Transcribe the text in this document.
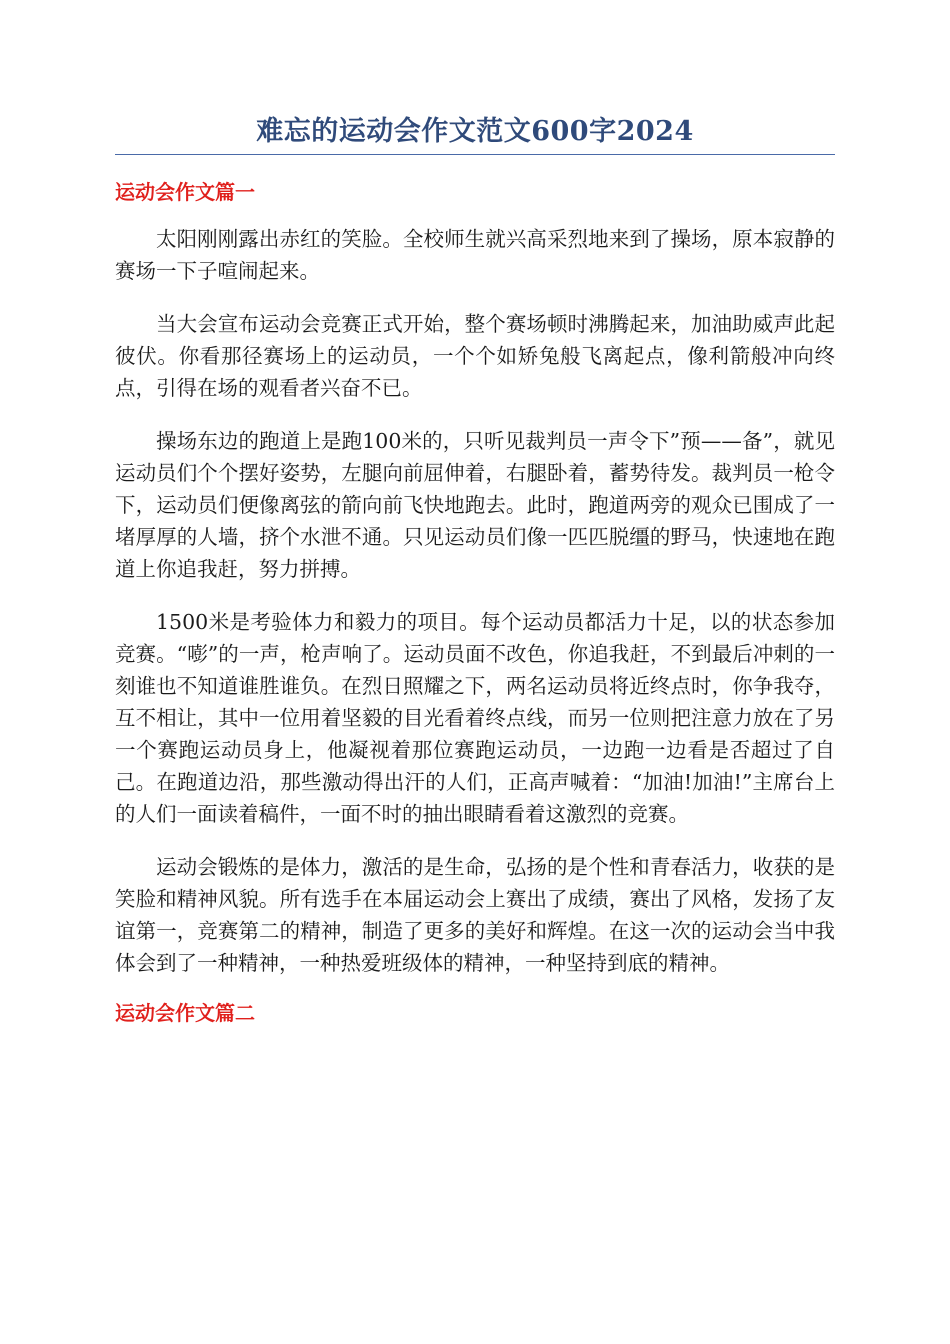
难忘的运动会作文范文600字2024
运动会作文篇一

太阳刚刚露出赤红的笑脸。全校师生就兴高采烈地来到了操场，原本寂静的赛场一下子喧闹起来。

当大会宣布运动会竞赛正式开始，整个赛场顿时沸腾起来，加油助威声此起彼伏。你看那径赛场上的运动员，一个个如矫兔般飞离起点，像利箭般冲向终点，引得在场的观看者兴奋不已。

操场东边的跑道上是跑100米的，只听见裁判员一声令下”预——备”，就见运动员们个个摆好姿势，左腿向前屈伸着，右腿卧着，蓄势待发。裁判员一枪令下，运动员们便像离弦的箭向前飞快地跑去。此时，跑道两旁的观众已围成了一堵厚厚的人墙，挤个水泄不通。只见运动员们像一匹匹脱缰的野马，快速地在跑道上你追我赶，努力拼搏。

1500米是考验体力和毅力的项目。每个运动员都活力十足，以的状态参加竞赛。“嘭”的一声，枪声响了。运动员面不改色，你追我赶，不到最后冲刺的一刻谁也不知道谁胜谁负。在烈日照耀之下，两名运动员将近终点时，你争我夺，互不相让，其中一位用着坚毅的目光看着终点线，而另一位则把注意力放在了另一个赛跑运动员身上，他凝视着那位赛跑运动员，一边跑一边看是否超过了自己。在跑道边沿，那些激动得出汗的人们，正高声喊着：“加油!加油!”主席台上的人们一面读着稿件，一面不时的抽出眼睛看着这激烈的竞赛。

运动会锻炼的是体力，激活的是生命，弘扬的是个性和青春活力，收获的是笑脸和精神风貌。所有选手在本届运动会上赛出了成绩，赛出了风格，发扬了友谊第一，竞赛第二的精神，制造了更多的美好和辉煌。在这一次的运动会当中我体会到了一种精神，一种热爱班级体的精神，一种坚持到底的精神。

运动会作文篇二
